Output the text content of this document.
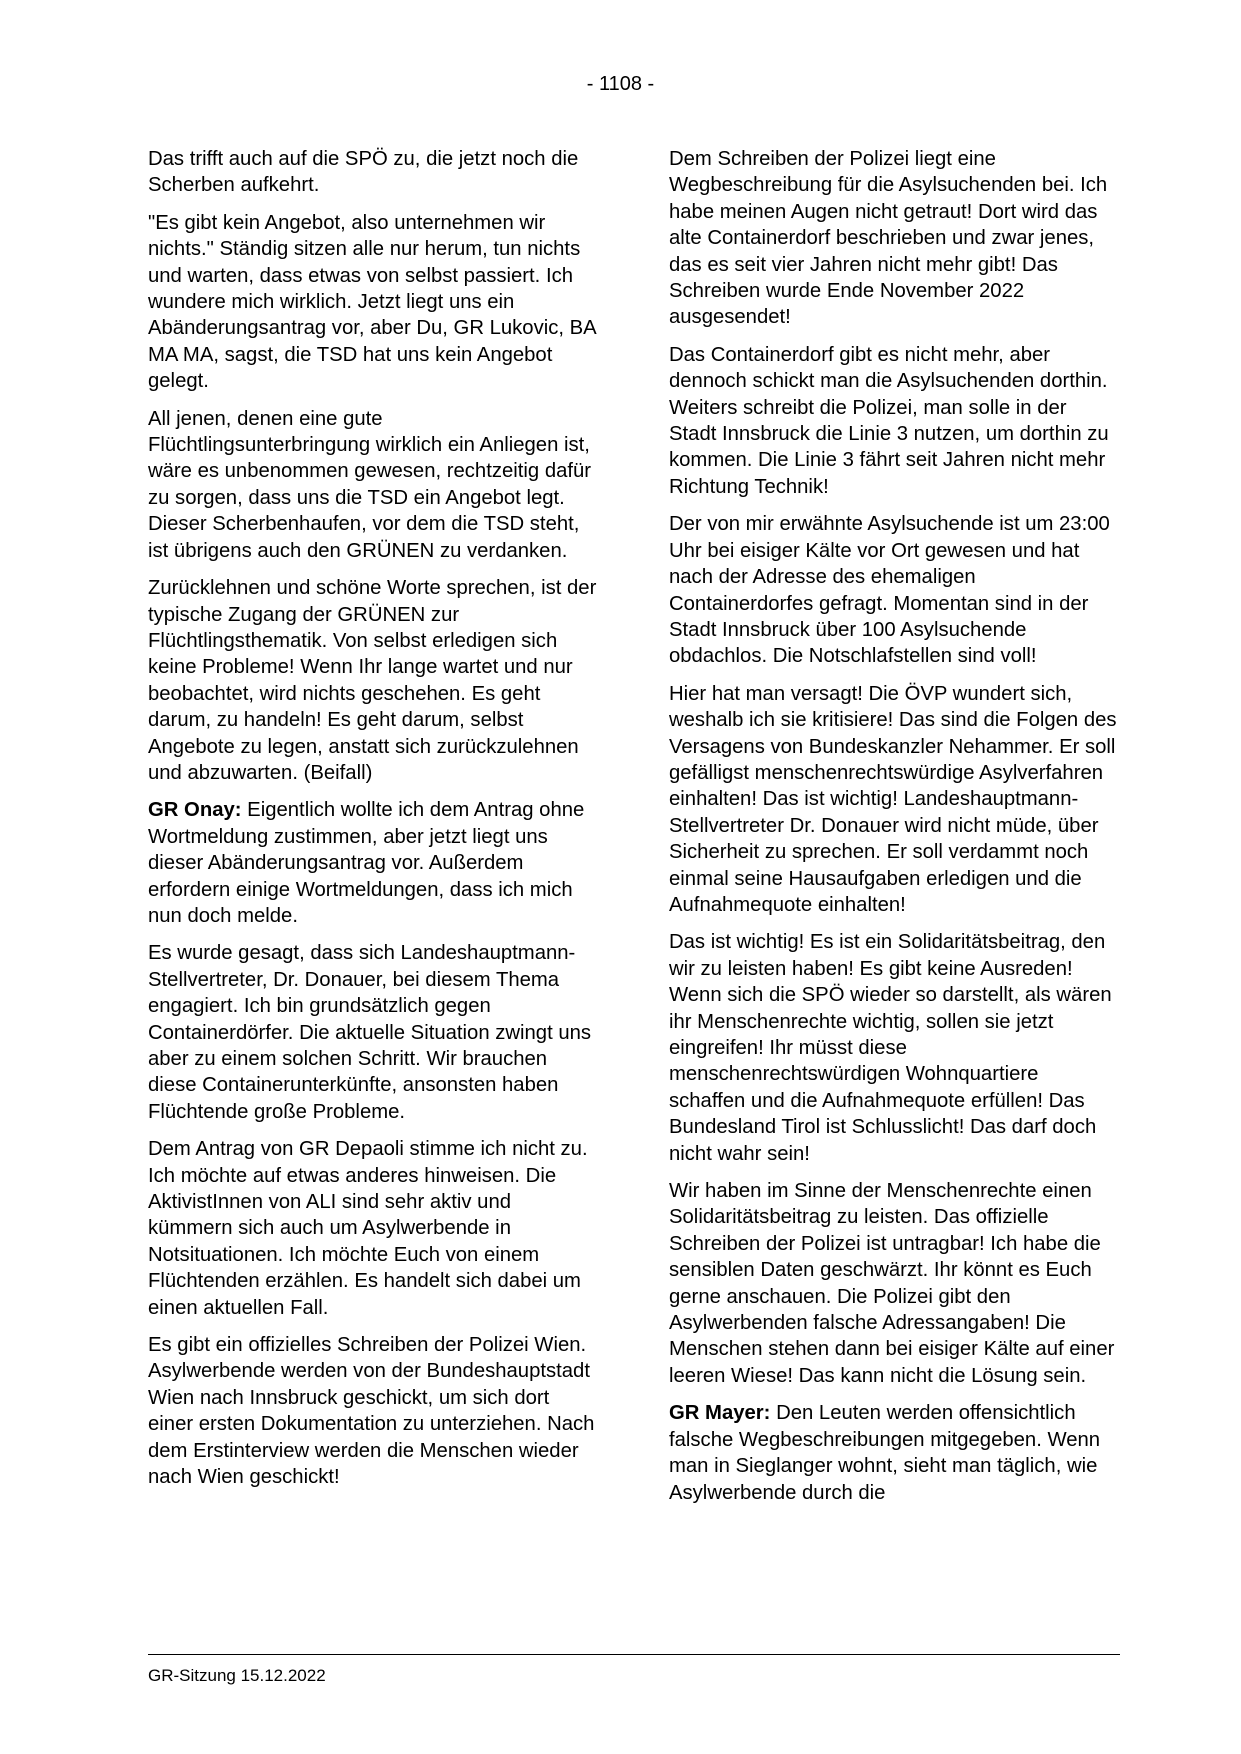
- 1108 -

Das trifft auch auf die SPÖ zu, die jetzt noch die Scherben aufkehrt.

"Es gibt kein Angebot, also unternehmen wir nichts." Ständig sitzen alle nur herum, tun nichts und warten, dass etwas von selbst passiert. Ich wundere mich wirklich. Jetzt liegt uns ein Abänderungsantrag vor, aber Du, GR Lukovic, BA MA MA, sagst, die TSD hat uns kein Angebot gelegt.

All jenen, denen eine gute Flüchtlingsunterbringung wirklich ein Anliegen ist, wäre es unbenommen gewesen, rechtzeitig dafür zu sorgen, dass uns die TSD ein Angebot legt. Dieser Scherbenhaufen, vor dem die TSD steht, ist übrigens auch den GRÜNEN zu verdanken.

Zurücklehnen und schöne Worte sprechen, ist der typische Zugang der GRÜNEN zur Flüchtlingsthematik. Von selbst erledigen sich keine Probleme! Wenn Ihr lange wartet und nur beobachtet, wird nichts geschehen. Es geht darum, zu handeln! Es geht darum, selbst Angebote zu legen, anstatt sich zurückzulehnen und abzuwarten. (Beifall)

GR Onay: Eigentlich wollte ich dem Antrag ohne Wortmeldung zustimmen, aber jetzt liegt uns dieser Abänderungsantrag vor. Außerdem erfordern einige Wortmeldungen, dass ich mich nun doch melde.

Es wurde gesagt, dass sich Landeshauptmann-Stellvertreter, Dr. Donauer, bei diesem Thema engagiert. Ich bin grundsätzlich gegen Containerdörfer. Die aktuelle Situation zwingt uns aber zu einem solchen Schritt. Wir brauchen diese Containerunterkünfte, ansonsten haben Flüchtende große Probleme.

Dem Antrag von GR Depaoli stimme ich nicht zu. Ich möchte auf etwas anderes hinweisen. Die AktivistInnen von ALI sind sehr aktiv und kümmern sich auch um Asylwerbende in Notsituationen. Ich möchte Euch von einem Flüchtenden erzählen. Es handelt sich dabei um einen aktuellen Fall.

Es gibt ein offizielles Schreiben der Polizei Wien. Asylwerbende werden von der Bundeshauptstadt Wien nach Innsbruck geschickt, um sich dort einer ersten Dokumentation zu unterziehen. Nach dem Erstinterview werden die Menschen wieder nach Wien geschickt!

Dem Schreiben der Polizei liegt eine Wegbeschreibung für die Asylsuchenden bei. Ich habe meinen Augen nicht getraut! Dort wird das alte Containerdorf beschrieben und zwar jenes, das es seit vier Jahren nicht mehr gibt! Das Schreiben wurde Ende November 2022 ausgesendet!

Das Containerdorf gibt es nicht mehr, aber dennoch schickt man die Asylsuchenden dorthin. Weiters schreibt die Polizei, man solle in der Stadt Innsbruck die Linie 3 nutzen, um dorthin zu kommen. Die Linie 3 fährt seit Jahren nicht mehr Richtung Technik!

Der von mir erwähnte Asylsuchende ist um 23:00 Uhr bei eisiger Kälte vor Ort gewesen und hat nach der Adresse des ehemaligen Containerdorfes gefragt. Momentan sind in der Stadt Innsbruck über 100 Asylsuchende obdachlos. Die Notschlafstellen sind voll!

Hier hat man versagt! Die ÖVP wundert sich, weshalb ich sie kritisiere! Das sind die Folgen des Versagens von Bundeskanzler Nehammer. Er soll gefälligst menschenrechtswürdige Asylverfahren einhalten! Das ist wichtig! Landeshauptmann-Stellvertreter Dr. Donauer wird nicht müde, über Sicherheit zu sprechen. Er soll verdammt noch einmal seine Hausaufgaben erledigen und die Aufnahmequote einhalten!

Das ist wichtig! Es ist ein Solidaritätsbeitrag, den wir zu leisten haben! Es gibt keine Ausreden! Wenn sich die SPÖ wieder so darstellt, als wären ihr Menschenrechte wichtig, sollen sie jetzt eingreifen! Ihr müsst diese menschenrechtswürdigen Wohnquartiere schaffen und die Aufnahmequote erfüllen! Das Bundesland Tirol ist Schlusslicht! Das darf doch nicht wahr sein!

Wir haben im Sinne der Menschenrechte einen Solidaritätsbeitrag zu leisten. Das offizielle Schreiben der Polizei ist untragbar! Ich habe die sensiblen Daten geschwärzt. Ihr könnt es Euch gerne anschauen. Die Polizei gibt den Asylwerbenden falsche Adressangaben! Die Menschen stehen dann bei eisiger Kälte auf einer leeren Wiese! Das kann nicht die Lösung sein.

GR Mayer: Den Leuten werden offensichtlich falsche Wegbeschreibungen mitgegeben. Wenn man in Sieglanger wohnt, sieht man täglich, wie Asylwerbende durch die

GR-Sitzung 15.12.2022
